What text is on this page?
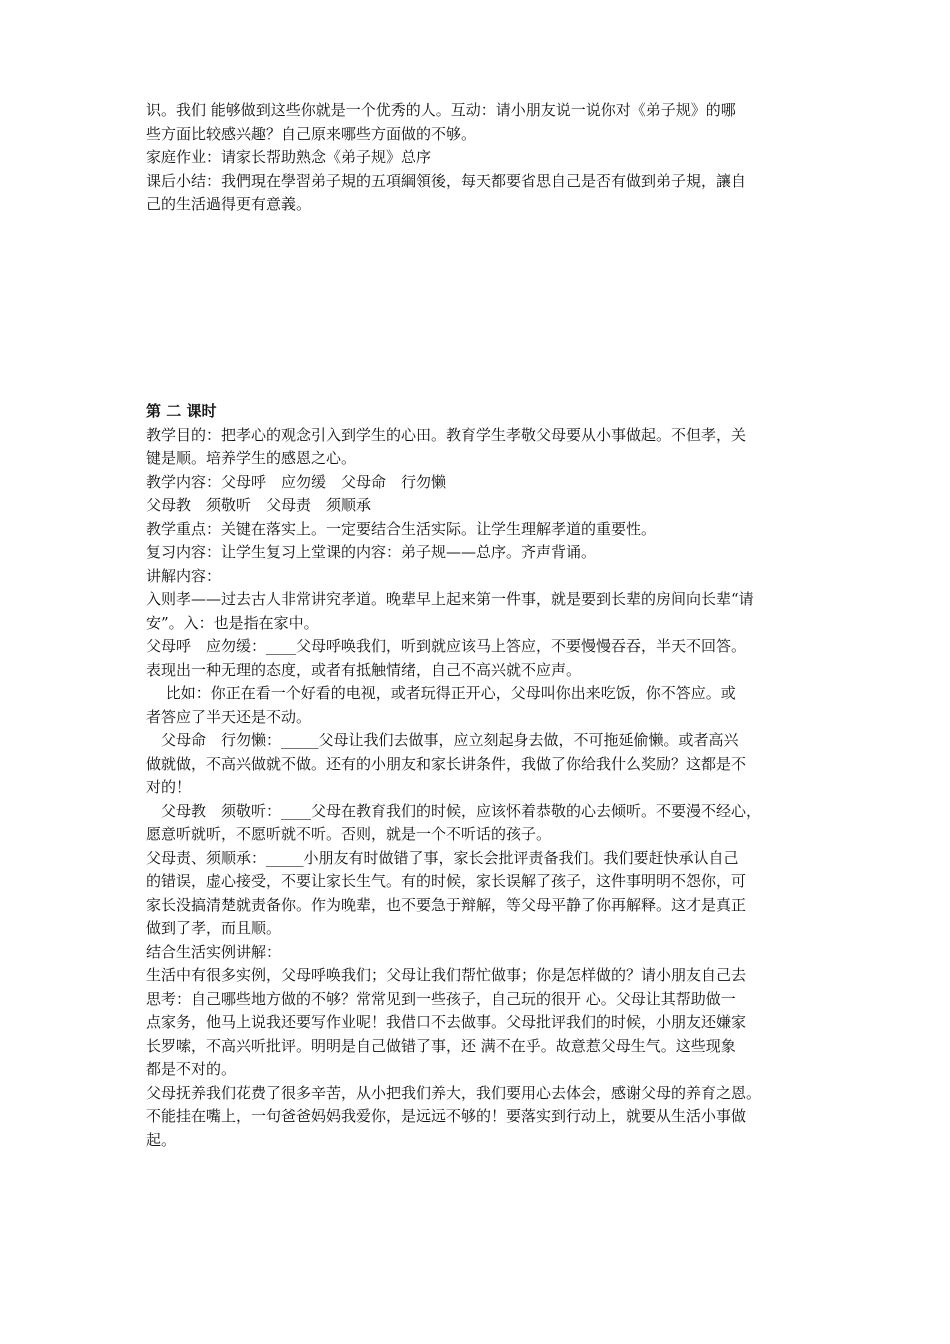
识。我们 能够做到这些你就是一个优秀的人。互动：请小朋友说一说你对《弟子规》的哪

些方面比较感兴趣？自己原来哪些方面做的不够。

家庭作业：请家长帮助熟念《弟子规》总序

课后小结：我們現在學習弟子規的五項綱領後，每天都要省思自己是否有做到弟子規，讓自

己的生活過得更有意義。

第 二 课时

教学目的：把孝心的观念引入到学生的心田。教育学生孝敬父母要从小事做起。不但孝，关

键是顺。培养学生的感恩之心。

教学内容：父母呼　应勿缓　父母命　行勿懒

父母教　须敬听　父母责　须顺承

教学重点：关键在落实上。一定要结合生活实际。让学生理解孝道的重要性。

复习内容：让学生复习上堂课的内容：弟子规——总序。齐声背诵。

讲解内容：

入则孝——过去古人非常讲究孝道。晚辈早上起来第一件事，就是要到长辈的房间向长辈“请

安”。入：也是指在家中。

父母呼　应勿缓：____父母呼唤我们，听到就应该马上答应，不要慢慢吞吞，半天不回答。

表现出一种无理的态度，或者有抵触情绪，自己不高兴就不应声。

　 比如：你正在看一个好看的电视，或者玩得正开心，父母叫你出来吃饭，你不答应。或

者答应了半天还是不动。

　父母命　行勿懒：_____父母让我们去做事，应立刻起身去做，不可拖延偷懒。或者高兴

做就做，不高兴做就不做。还有的小朋友和家长讲条件，我做了你给我什么奖励？这都是不

对的！

　父母教　须敬听：____父母在教育我们的时候，应该怀着恭敬的心去倾听。不要漫不经心，

愿意听就听，不愿听就不听。否则，就是一个不听话的孩子。

父母责、须顺承：_____小朋友有时做错了事，家长会批评责备我们。我们要赶快承认自己

的错误，虚心接受，不要让家长生气。有的时候，家长误解了孩子，这件事明明不怨你，可

家长没搞清楚就责备你。作为晚辈，也不要急于辩解，等父母平静了你再解释。这才是真正

做到了孝，而且顺。

结合生活实例讲解：

生活中有很多实例，父母呼唤我们；父母让我们帮忙做事；你是怎样做的？请小朋友自己去

思考：自己哪些地方做的不够？常常见到一些孩子，自己玩的很开 心。父母让其帮助做一

点家务，他马上说我还要写作业呢！我借口不去做事。父母批评我们的时候，小朋友还嫌家

长罗嗦，不高兴听批评。明明是自己做错了事，还 满不在乎。故意惹父母生气。这些现象

都是不对的。

父母抚养我们花费了很多辛苦，从小把我们养大，我们要用心去体会，感谢父母的养育之恩。

不能挂在嘴上，一句爸爸妈妈我爱你，是远远不够的！要落实到行动上，就要从生活小事做

起。
